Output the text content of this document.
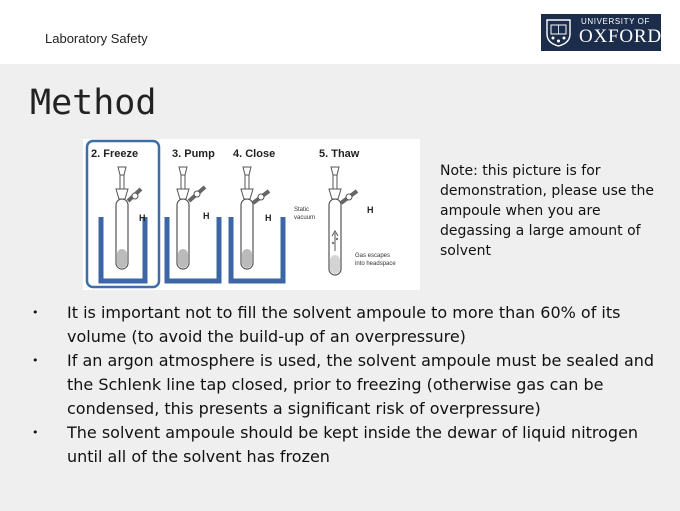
Laboratory Safety
UNIVERSITY OF
OXFORD
Method
2. Freeze	3. Pump 4. Close	5. Thaw
H	H	H
H
Static
vacuum
Gas escapes
into headspace
Note: this picture is for demonstration, please use the ampoule when you are degassing a large amount of solvent
• It is important not to fill the solvent ampoule to more than 60% of its volume (to avoid the build-up of an overpressure)
• If an argon atmosphere is used, the solvent ampoule must be sealed and the Schlenk line tap closed, prior to freezing (otherwise gas can be condensed, this presents a significant risk of overpressure)
• The solvent ampoule should be kept inside the dewar of liquid nitrogen until all of the solvent has frozen
